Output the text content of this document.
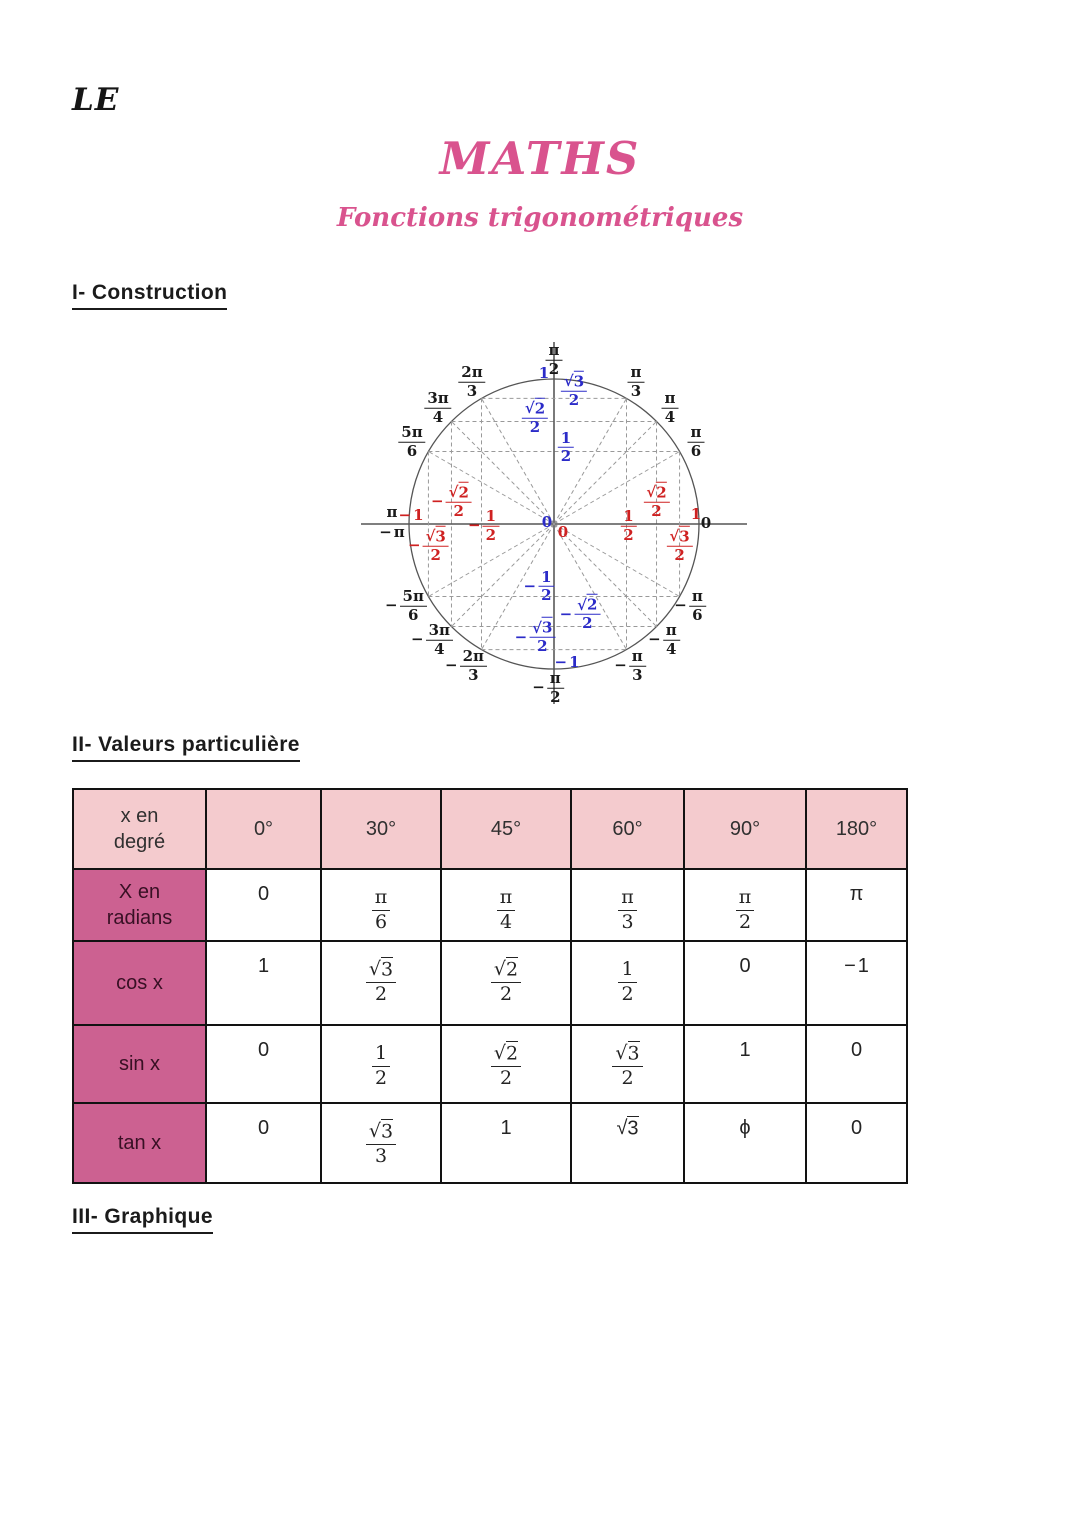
LE
MATHS
Fonctions trigonométriques
I- Construction
0
$\frac{\pi}{6}$
$\frac{\pi}{4}$
$\frac{\pi}{3}$
$\frac{\pi}{2}$
$\frac{2\pi}{3}$
$\frac{3\pi}{4}$
$\frac{5\pi}{6}$
π
− π
− $\frac{5\pi}{6}$
− $\frac{3\pi}{4}$
− $\frac{2\pi}{3}$
− $\frac{\pi}{2}$
− $\frac{\pi}{3}$
− $\frac{\pi}{4}$
− $\frac{\pi}{6}$
1
$\frac{√3}{2}$
$\frac{√2}{2}$
$\frac{1}{2}$
0
− $\frac{1}{2}$
− $\frac{√2}{2}$
− $\frac{√3}{2}$
− 1
− 1
− $\frac{√3}{2}$
− $\frac{√2}{2}$
− $\frac{1}{2}$	0	$\frac{1}{2}$
$\frac{√2}{2}$
$\frac{√3}{2}$
1
II- Valeurs particulière
x en degré	0°	30°	45°	60°	90°	180°
X en radians	0	$\frac{\pi}{6}$	$\frac{\pi}{4}$	$\frac{\pi}{3}$	$\frac{\pi}{2}$	π
cos x	1	$\frac{√3}{2}$	$\frac{√2}{2}$	$\frac{1}{2}$	0	− 1
sin x	0	$\frac{1}{2}$	$\frac{√2}{2}$	$\frac{√3}{2}$	1	0
tan x	0	$\frac{√3}{3}$	1	√3	ϕ	0
III- Graphique
